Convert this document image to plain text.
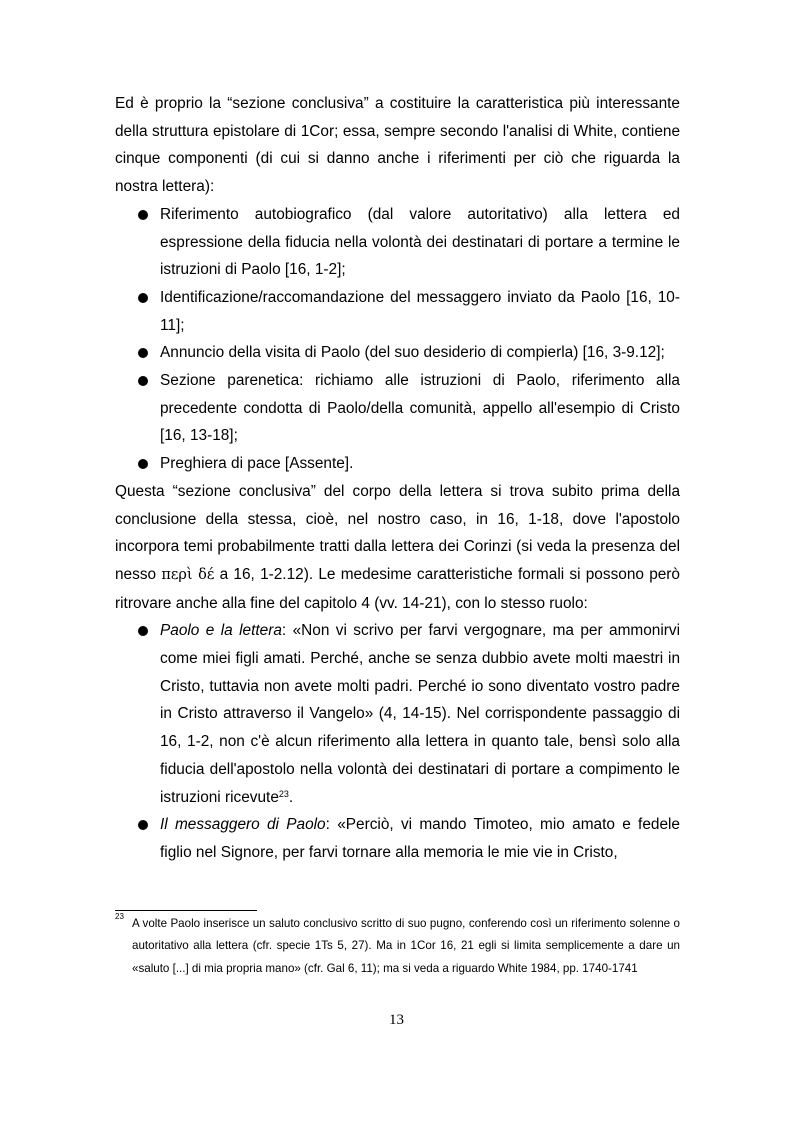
Ed è proprio la “sezione conclusiva” a costituire la caratteristica più interessante della struttura epistolare di 1Cor; essa, sempre secondo l'analisi di White, contiene cinque componenti (di cui si danno anche i riferimenti per ciò che riguarda la nostra lettera):

Riferimento autobiografico (dal valore autoritativo) alla lettera ed espressione della fiducia nella volontà dei destinatari di portare a termine le istruzioni di Paolo [16, 1-2];
Identificazione/raccomandazione del messaggero inviato da Paolo [16, 10-11];
Annuncio della visita di Paolo (del suo desiderio di compierla) [16, 3-9.12];
Sezione parenetica: richiamo alle istruzioni di Paolo, riferimento alla precedente condotta di Paolo/della comunità, appello all'esempio di Cristo [16, 13-18];
Preghiera di pace [Assente].

Questa “sezione conclusiva” del corpo della lettera si trova subito prima della conclusione della stessa, cioè, nel nostro caso, in 16, 1-18, dove l'apostolo incorpora temi probabilmente tratti dalla lettera dei Corinzi (si veda la presenza del nesso περὶ δέ a 16, 1-2.12). Le medesime caratteristiche formali si possono però ritrovare anche alla fine del capitolo 4 (vv. 14-21), con lo stesso ruolo:

Paolo e la lettera: «Non vi scrivo per farvi vergognare, ma per ammonirvi come miei figli amati. Perché, anche se senza dubbio avete molti maestri in Cristo, tuttavia non avete molti padri. Perché io sono diventato vostro padre in Cristo attraverso il Vangelo» (4, 14-15). Nel corrispondente passaggio di 16, 1-2, non c'è alcun riferimento alla lettera in quanto tale, bensì solo alla fiducia dell'apostolo nella volontà dei destinatari di portare a compimento le istruzioni ricevute$^{23}$.
Il messaggero di Paolo: «Perciò, vi mando Timoteo, mio amato e fedele figlio nel Signore, per farvi tornare alla memoria le mie vie in Cristo,
23
A volte Paolo inserisce un saluto conclusivo scritto di suo pugno, conferendo così un riferimento solenne o autoritativo alla lettera (cfr. specie 1Ts 5, 27). Ma in 1Cor 16, 21 egli si limita semplicemente a dare un «saluto [...] di mia propria mano» (cfr. Gal 6, 11); ma si veda a riguardo White 1984, pp. 1740-1741
13
